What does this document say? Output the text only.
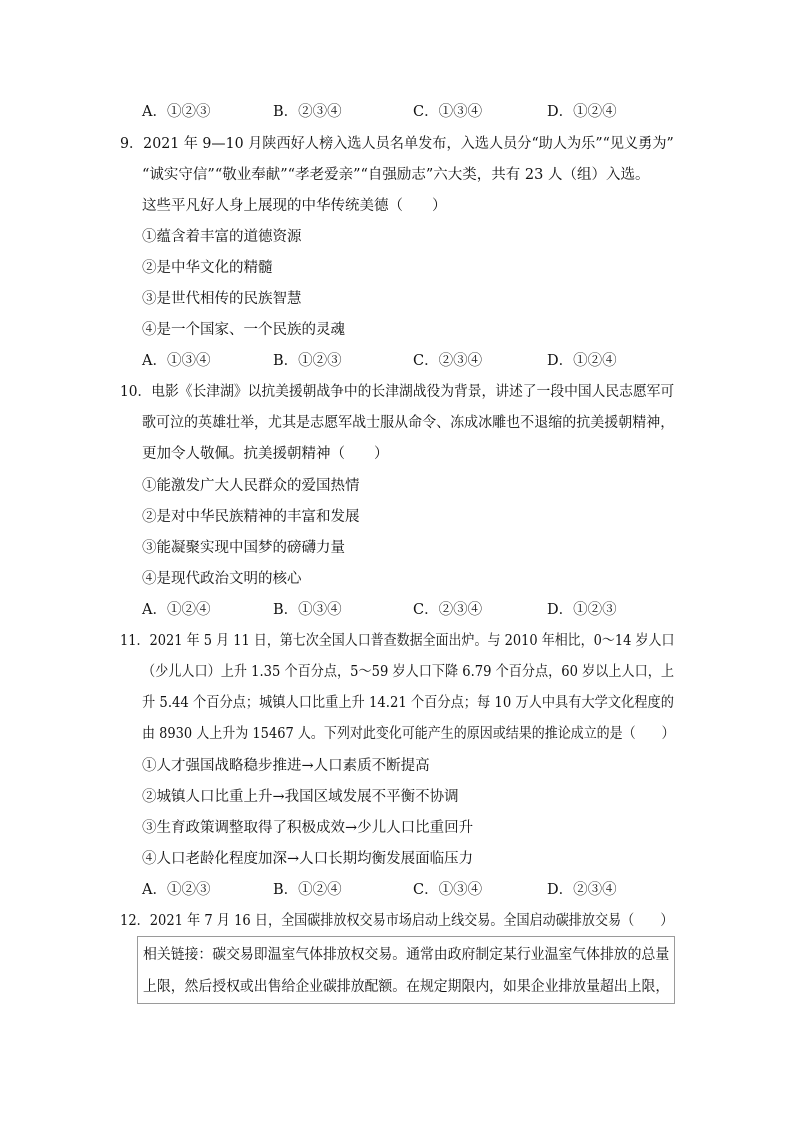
A．①②③	B．②③④	C．①③④	D．①②④
9．2021 年 9—10 月陕西好人榜入选人员名单发布，入选人员分“助人为乐”“见义勇为”
“诚实守信”“敬业奉献”“孝老爱亲”“自强励志”六大类，共有 23 人（组）入选。
这些平凡好人身上展现的中华传统美德（　　）
①蕴含着丰富的道德资源
②是中华文化的精髓
③是世代相传的民族智慧
④是一个国家、一个民族的灵魂
A．①③④	B．①②③	C．②③④	D．①②④
10．电影《长津湖》以抗美援朝战争中的长津湖战役为背景，讲述了一段中国人民志愿军可
歌可泣的英雄壮举，尤其是志愿军战士服从命令、冻成冰雕也不退缩的抗美援朝精神，
更加令人敬佩。抗美援朝精神（　　）
①能激发广大人民群众的爱国热情
②是对中华民族精神的丰富和发展
③能凝聚实现中国梦的磅礴力量
④是现代政治文明的核心
A．①②④	B．①③④	C．②③④	D．①②③
11．2021 年 5 月 11 日，第七次全国人口普查数据全面出炉。与 2010 年相比，0～14 岁人口
（少儿人口）上升 1.35 个百分点，5～59 岁人口下降 6.79 个百分点，60 岁以上人口，上
升 5.44 个百分点；城镇人口比重上升 14.21 个百分点；每 10 万人中具有大学文化程度的
由 8930 人上升为 15467 人。下列对此变化可能产生的原因或结果的推论成立的是（　　）
①人才强国战略稳步推进→人口素质不断提高
②城镇人口比重上升→我国区域发展不平衡不协调
③生育政策调整取得了积极成效→少儿人口比重回升
④人口老龄化程度加深→人口长期均衡发展面临压力
A．①②③	B．①②④	C．①③④	D．②③④
12．2021 年 7 月 16 日，全国碳排放权交易市场启动上线交易。全国启动碳排放交易（　　）
相关链接：碳交易即温室气体排放权交易。通常由政府制定某行业温室气体排放的总量
上限，然后授权或出售给企业碳排放配额。在规定期限内，如果企业排放量超出上限，
